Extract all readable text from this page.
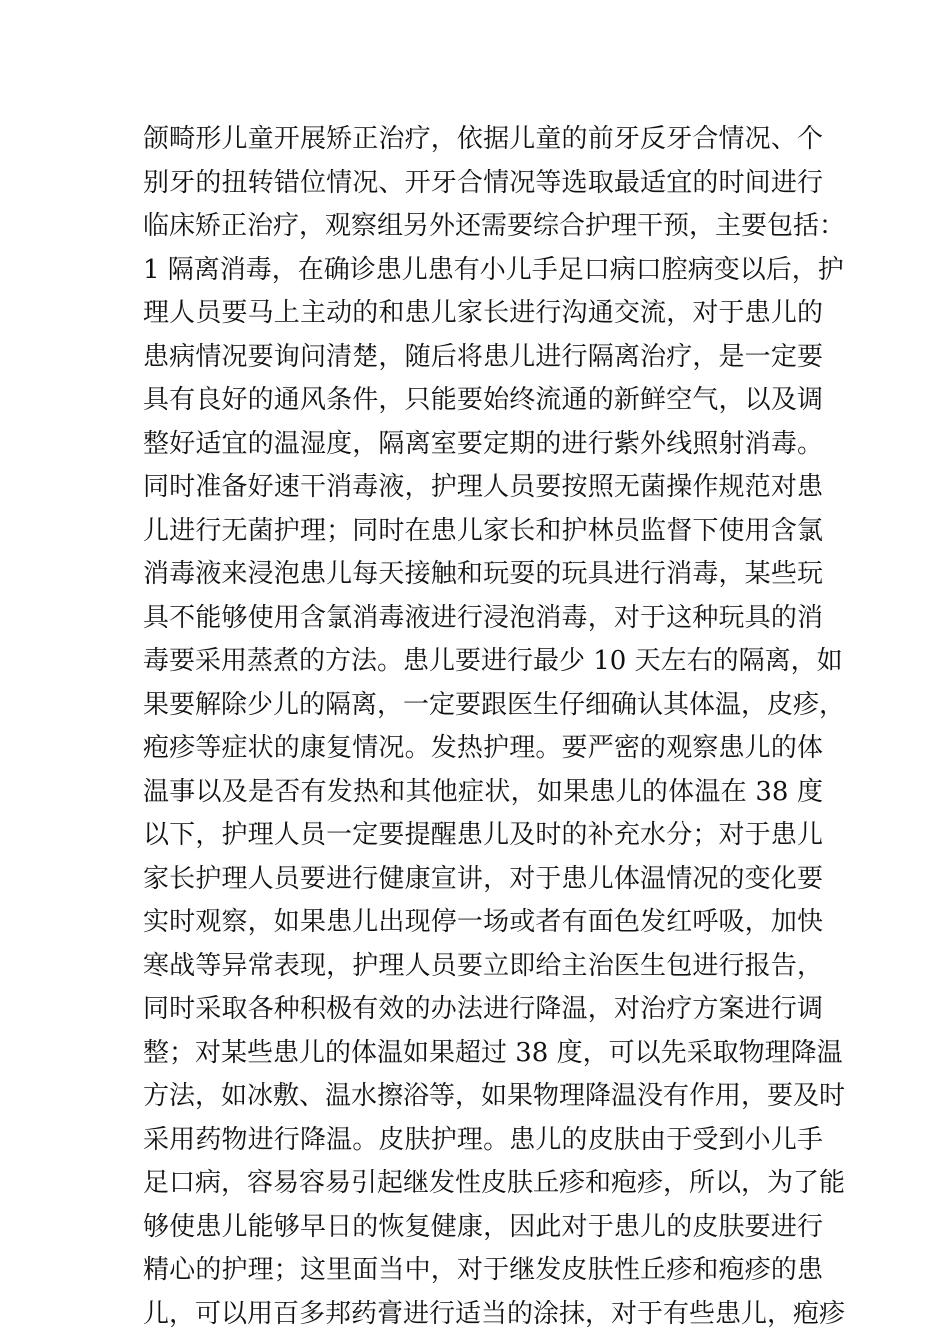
颌畸形儿童开展矫正治疗，依据儿童的前牙反牙合情况、个
别牙的扭转错位情况、开牙合情况等选取最适宜的时间进行
临床矫正治疗，观察组另外还需要综合护理干预，主要包括：
1 隔离消毒，在确诊患儿患有小儿手足口病口腔病变以后，护
理人员要马上主动的和患儿家长进行沟通交流，对于患儿的
患病情况要询问清楚，随后将患儿进行隔离治疗，是一定要
具有良好的通风条件，只能要始终流通的新鲜空气，以及调
整好适宜的温湿度，隔离室要定期的进行紫外线照射消毒。
同时准备好速干消毒液，护理人员要按照无菌操作规范对患
儿进行无菌护理；同时在患儿家长和护林员监督下使用含氯
消毒液来浸泡患儿每天接触和玩耍的玩具进行消毒，某些玩
具不能够使用含氯消毒液进行浸泡消毒，对于这种玩具的消
毒要采用蒸煮的方法。患儿要进行最少 10 天左右的隔离，如
果要解除少儿的隔离，一定要跟医生仔细确认其体温，皮疹，
疱疹等症状的康复情况。发热护理。要严密的观察患儿的体
温事以及是否有发热和其他症状，如果患儿的体温在 38 度
以下，护理人员一定要提醒患儿及时的补充水分；对于患儿
家长护理人员要进行健康宣讲，对于患儿体温情况的变化要
实时观察，如果患儿出现停一场或者有面色发红呼吸，加快
寒战等异常表现，护理人员要立即给主治医生包进行报告，
同时采取各种积极有效的办法进行降温，对治疗方案进行调
整；对某些患儿的体温如果超过 38 度，可以先采取物理降温
方法，如冰敷、温水擦浴等，如果物理降温没有作用，要及时
采用药物进行降温。皮肤护理。患儿的皮肤由于受到小儿手
足口病，容易容易引起继发性皮肤丘疹和疱疹，所以，为了能
够使患儿能够早日的恢复健康，因此对于患儿的皮肤要进行
精心的护理；这里面当中，对于继发皮肤性丘疹和疱疹的患
儿，可以用百多邦药膏进行适当的涂抹，对于有些患儿，疱疹
